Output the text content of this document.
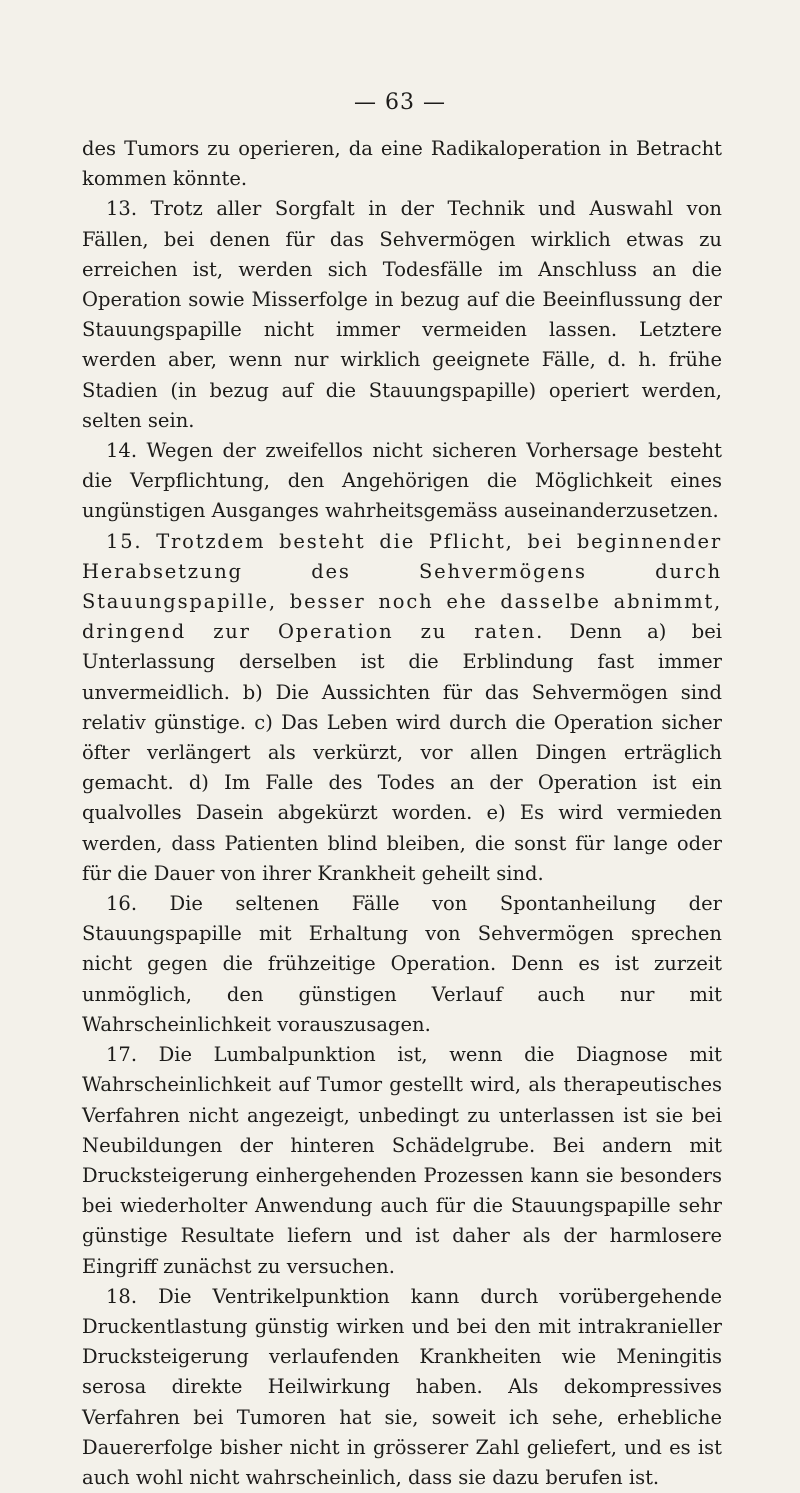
— 63 —

des Tumors zu operieren, da eine Radikaloperation in Betracht kommen könnte.

13. Trotz aller Sorgfalt in der Technik und Auswahl von Fällen, bei denen für das Sehvermögen wirklich etwas zu erreichen ist, werden sich Todesfälle im Anschluss an die Operation sowie Misserfolge in bezug auf die Beeinflussung der Stauungspapille nicht immer vermeiden lassen. Letztere werden aber, wenn nur wirklich geeignete Fälle, d. h. frühe Stadien (in bezug auf die Stauungspapille) operiert werden, selten sein.

14. Wegen der zweifellos nicht sicheren Vorhersage besteht die Verpflichtung, den Angehörigen die Möglichkeit eines ungünstigen Ausganges wahrheitsgemäss auseinanderzusetzen.

15. Trotzdem besteht die Pflicht, bei beginnender Herabsetzung des Sehvermögens durch Stauungspapille, besser noch ehe dasselbe abnimmt, dringend zur Operation zu raten. Denn a) bei Unterlassung derselben ist die Erblindung fast immer unvermeidlich. b) Die Aussichten für das Sehvermögen sind relativ günstige. c) Das Leben wird durch die Operation sicher öfter verlängert als verkürzt, vor allen Dingen erträglich gemacht. d) Im Falle des Todes an der Operation ist ein qualvolles Dasein abgekürzt worden. e) Es wird vermieden werden, dass Patienten blind bleiben, die sonst für lange oder für die Dauer von ihrer Krankheit geheilt sind.

16. Die seltenen Fälle von Spontanheilung der Stauungspapille mit Erhaltung von Sehvermögen sprechen nicht gegen die frühzeitige Operation. Denn es ist zurzeit unmöglich, den günstigen Verlauf auch nur mit Wahrscheinlichkeit vorauszusagen.

17. Die Lumbalpunktion ist, wenn die Diagnose mit Wahrscheinlichkeit auf Tumor gestellt wird, als therapeutisches Verfahren nicht angezeigt, unbedingt zu unterlassen ist sie bei Neubildungen der hinteren Schädelgrube. Bei andern mit Drucksteigerung einhergehenden Prozessen kann sie besonders bei wiederholter Anwendung auch für die Stauungspapille sehr günstige Resultate liefern und ist daher als der harmlosere Eingriff zunächst zu versuchen.

18. Die Ventrikelpunktion kann durch vorübergehende Druckentlastung günstig wirken und bei den mit intrakranieller Drucksteigerung verlaufenden Krankheiten wie Meningitis serosa direkte Heilwirkung haben. Als dekompressives Verfahren bei Tumoren hat sie, soweit ich sehe, erhebliche Dauererfolge bisher nicht in grösserer Zahl geliefert, und es ist auch wohl nicht wahrscheinlich, dass sie dazu berufen ist.
